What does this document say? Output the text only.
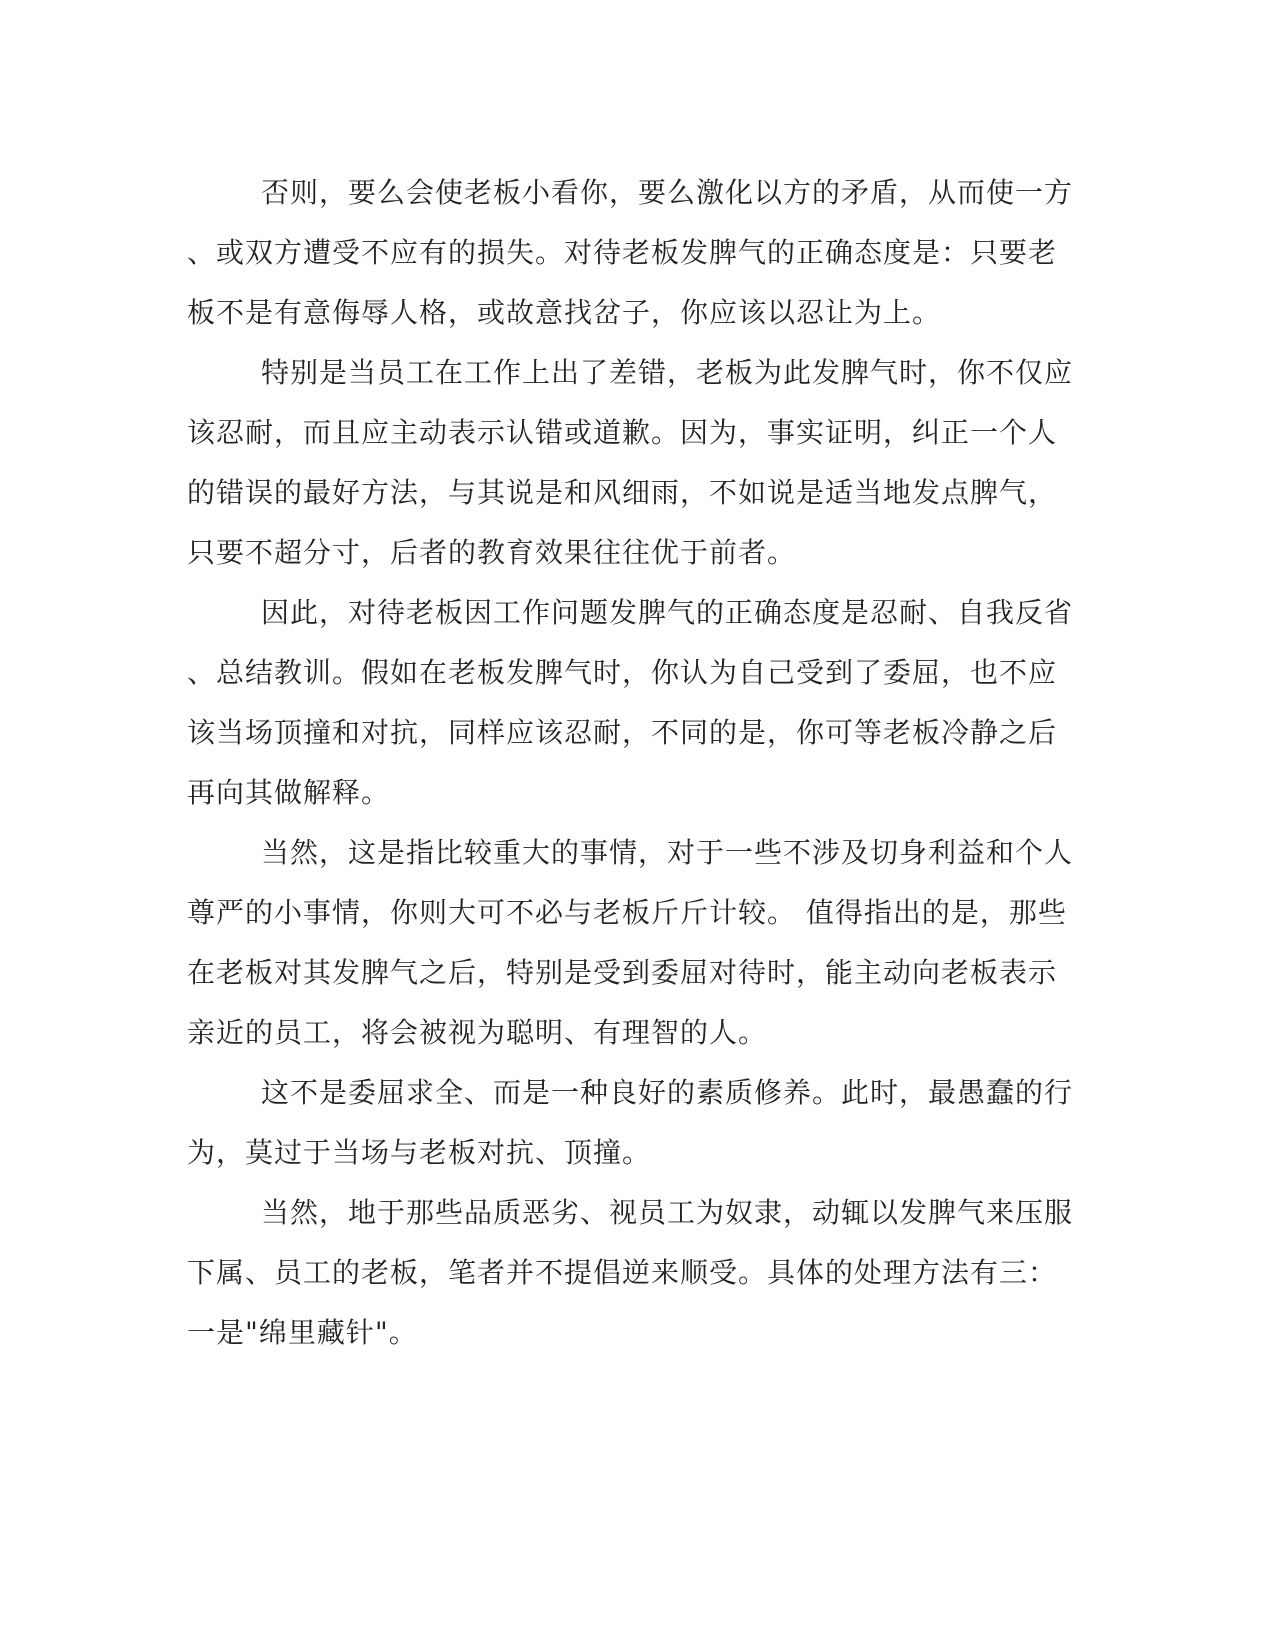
否则，要么会使老板小看你，要么激化以方的矛盾，从而使一方
、或双方遭受不应有的损失。对待老板发脾气的正确态度是：只要老
板不是有意侮辱人格，或故意找岔子，你应该以忍让为上。
特别是当员工在工作上出了差错，老板为此发脾气时，你不仅应
该忍耐，而且应主动表示认错或道歉。因为，事实证明，纠正一个人
的错误的最好方法，与其说是和风细雨，不如说是适当地发点脾气，
只要不超分寸，后者的教育效果往往优于前者。
因此，对待老板因工作问题发脾气的正确态度是忍耐、自我反省
、总结教训。假如在老板发脾气时，你认为自己受到了委屈，也不应
该当场顶撞和对抗，同样应该忍耐，不同的是，你可等老板冷静之后
再向其做解释。
当然，这是指比较重大的事情，对于一些不涉及切身利益和个人
尊严的小事情，你则大可不必与老板斤斤计较。 值得指出的是，那些
在老板对其发脾气之后，特别是受到委屈对待时，能主动向老板表示
亲近的员工，将会被视为聪明、有理智的人。
这不是委屈求全、而是一种良好的素质修养。此时，最愚蠢的行
为，莫过于当场与老板对抗、顶撞。
当然，地于那些品质恶劣、视员工为奴隶，动辄以发脾气来压服
下属、员工的老板，笔者并不提倡逆来顺受。具体的处理方法有三：
一是"绵里藏针"。
